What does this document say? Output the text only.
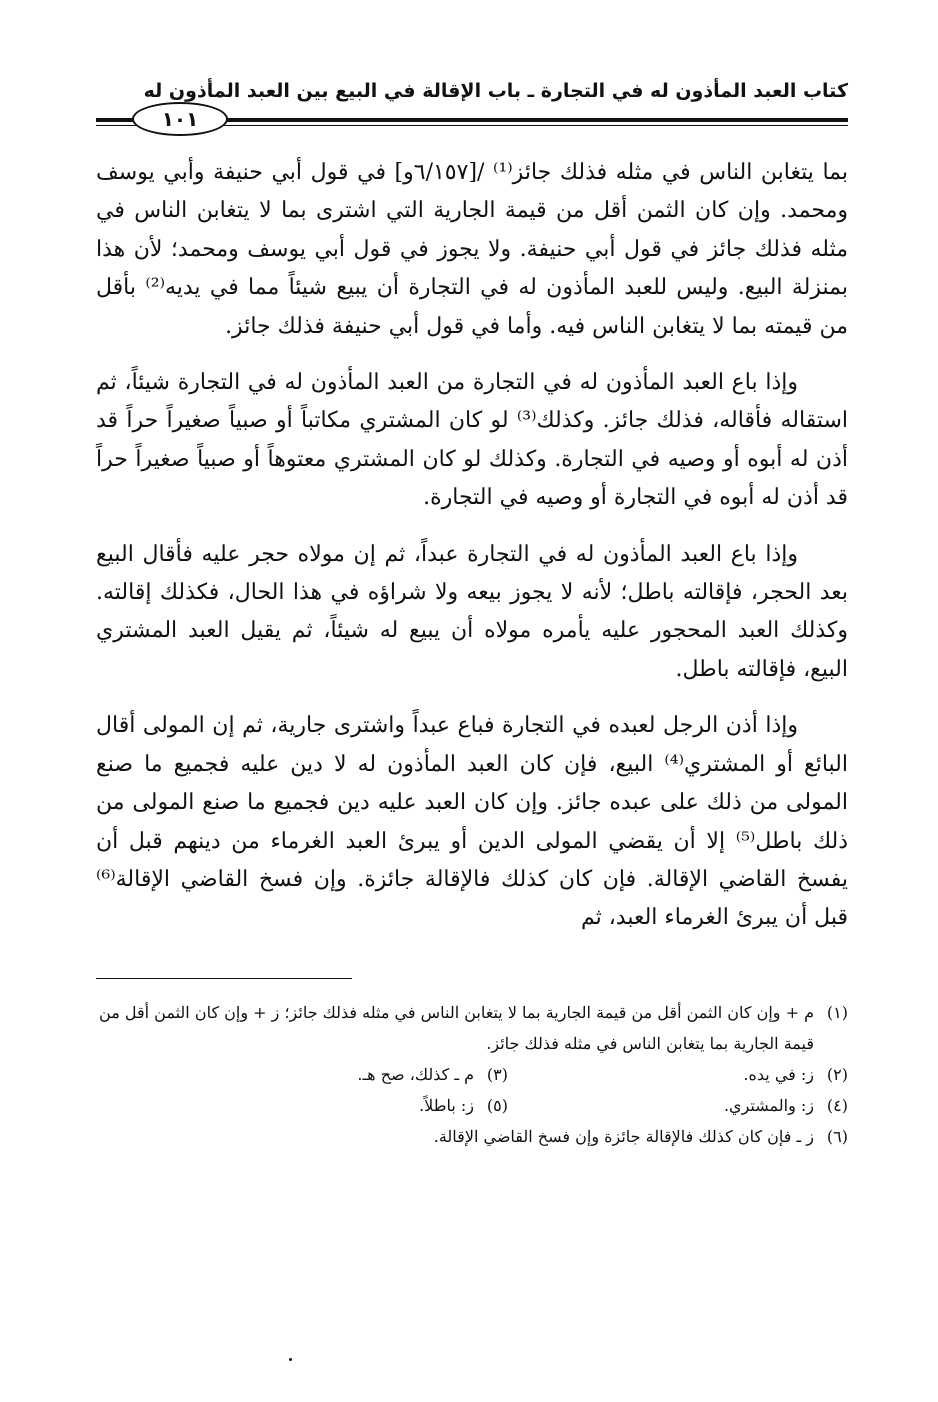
كتاب العبد المأذون له في التجارة ـ باب الإقالة في البيع بين العبد المأذون له
١٠١

بما يتغابن الناس في مثله فذلك جائز⁽¹⁾ /[٦/١٥٧و] في قول أبي حنيفة وأبي يوسف ومحمد. وإن كان الثمن أقل من قيمة الجارية التي اشترى بما لا يتغابن الناس في مثله فذلك جائز في قول أبي حنيفة. ولا يجوز في قول أبي يوسف ومحمد؛ لأن هذا بمنزلة البيع. وليس للعبد المأذون له في التجارة أن يبيع شيئاً مما في يديه⁽²⁾ بأقل من قيمته بما لا يتغابن الناس فيه. وأما في قول أبي حنيفة فذلك جائز.

وإذا باع العبد المأذون له في التجارة من العبد المأذون له في التجارة شيئاً، ثم استقاله فأقاله، فذلك جائز. وكذلك⁽³⁾ لو كان المشتري مكاتباً أو صبياً صغيراً حراً قد أذن له أبوه أو وصيه في التجارة. وكذلك لو كان المشتري معتوهاً أو صبياً صغيراً حراً قد أذن له أبوه في التجارة أو وصيه في التجارة.

وإذا باع العبد المأذون له في التجارة عبداً، ثم إن مولاه حجر عليه فأقال البيع بعد الحجر، فإقالته باطل؛ لأنه لا يجوز بيعه ولا شراؤه في هذا الحال، فكذلك إقالته. وكذلك العبد المحجور عليه يأمره مولاه أن يبيع له شيئاً، ثم يقيل العبد المشتري البيع، فإقالته باطل.

وإذا أذن الرجل لعبده في التجارة فباع عبداً واشترى جارية، ثم إن المولى أقال البائع أو المشتري⁽⁴⁾ البيع، فإن كان العبد المأذون له لا دين عليه فجميع ما صنع المولى من ذلك على عبده جائز. وإن كان العبد عليه دين فجميع ما صنع المولى من ذلك باطل⁽⁵⁾ إلا أن يقضي المولى الدين أو يبرئ العبد الغرماء من دينهم قبل أن يفسخ القاضي الإقالة. فإن كان كذلك فالإقالة جائزة. وإن فسخ القاضي الإقالة⁽⁶⁾ قبل أن يبرئ الغرماء العبد، ثم

(١)
م + وإن كان الثمن أقل من قيمة الجارية بما لا يتغابن الناس في مثله فذلك جائز؛ ز + وإن كان الثمن أقل من قيمة الجارية بما يتغابن الناس في مثله فذلك جائز.
(٢)
ز: في يده.
(٣)
م ـ كذلك، صح هـ.
(٤)
ز: والمشتري.
(٥)
ز: باطلاً.
(٦)
ز ـ فإن كان كذلك فالإقالة جائزة وإن فسخ القاضي الإقالة.
